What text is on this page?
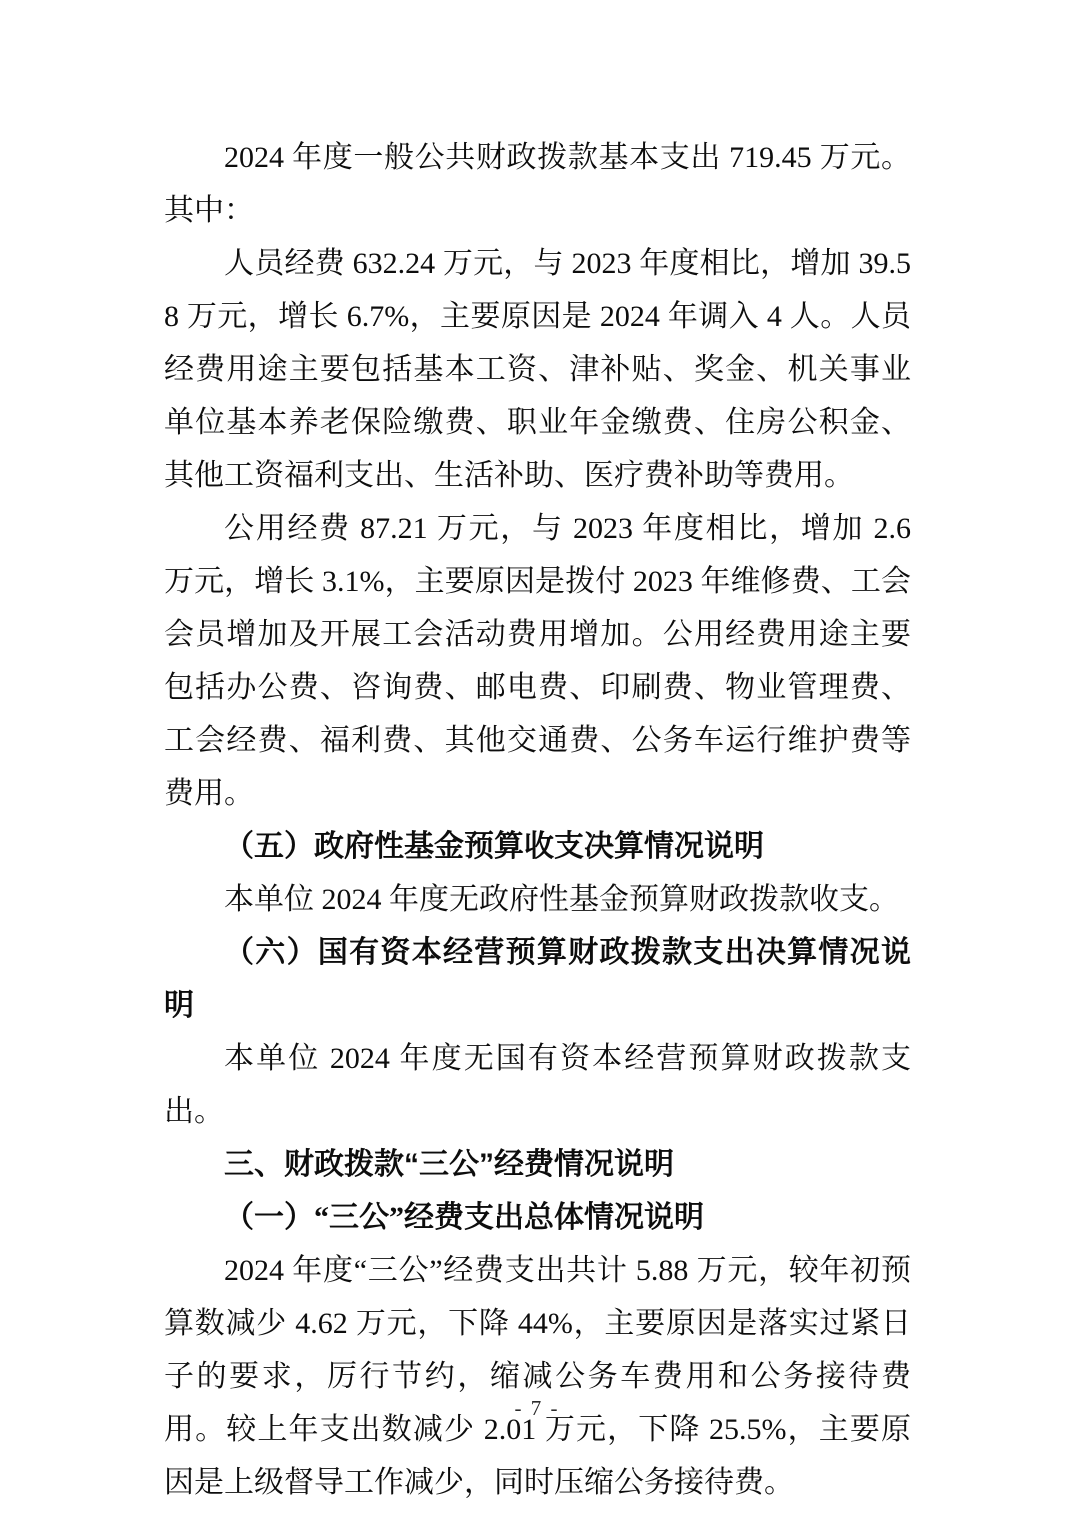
2024 年度一般公共财政拨款基本支出 719.45 万元。其中：

人员经费 632.24 万元，与 2023 年度相比，增加 39.58 万元，增长 6.7%，主要原因是 2024 年调入 4 人。人员经费用途主要包括基本工资、津补贴、奖金、机关事业单位基本养老保险缴费、职业年金缴费、住房公积金、其他工资福利支出、生活补助、医疗费补助等费用。

公用经费 87.21 万元，与 2023 年度相比，增加 2.6 万元，增长 3.1%，主要原因是拨付 2023 年维修费、工会会员增加及开展工会活动费用增加。公用经费用途主要包括办公费、咨询费、邮电费、印刷费、物业管理费、工会经费、福利费、其他交通费、公务车运行维护费等费用。

（五）政府性基金预算收支决算情况说明

本单位 2024 年度无政府性基金预算财政拨款收支。

（六）国有资本经营预算财政拨款支出决算情况说明

本单位 2024 年度无国有资本经营预算财政拨款支出。

三、财政拨款“三公”经费情况说明

（一）“三公”经费支出总体情况说明

2024 年度“三公”经费支出共计 5.88 万元，较年初预算数减少 4.62 万元，下降 44%，主要原因是落实过紧日子的要求，厉行节约，缩减公务车费用和公务接待费用。较上年支出数减少 2.01 万元，下降 25.5%，主要原因是上级督导工作减少，同时压缩公务接待费。

- 7 -
